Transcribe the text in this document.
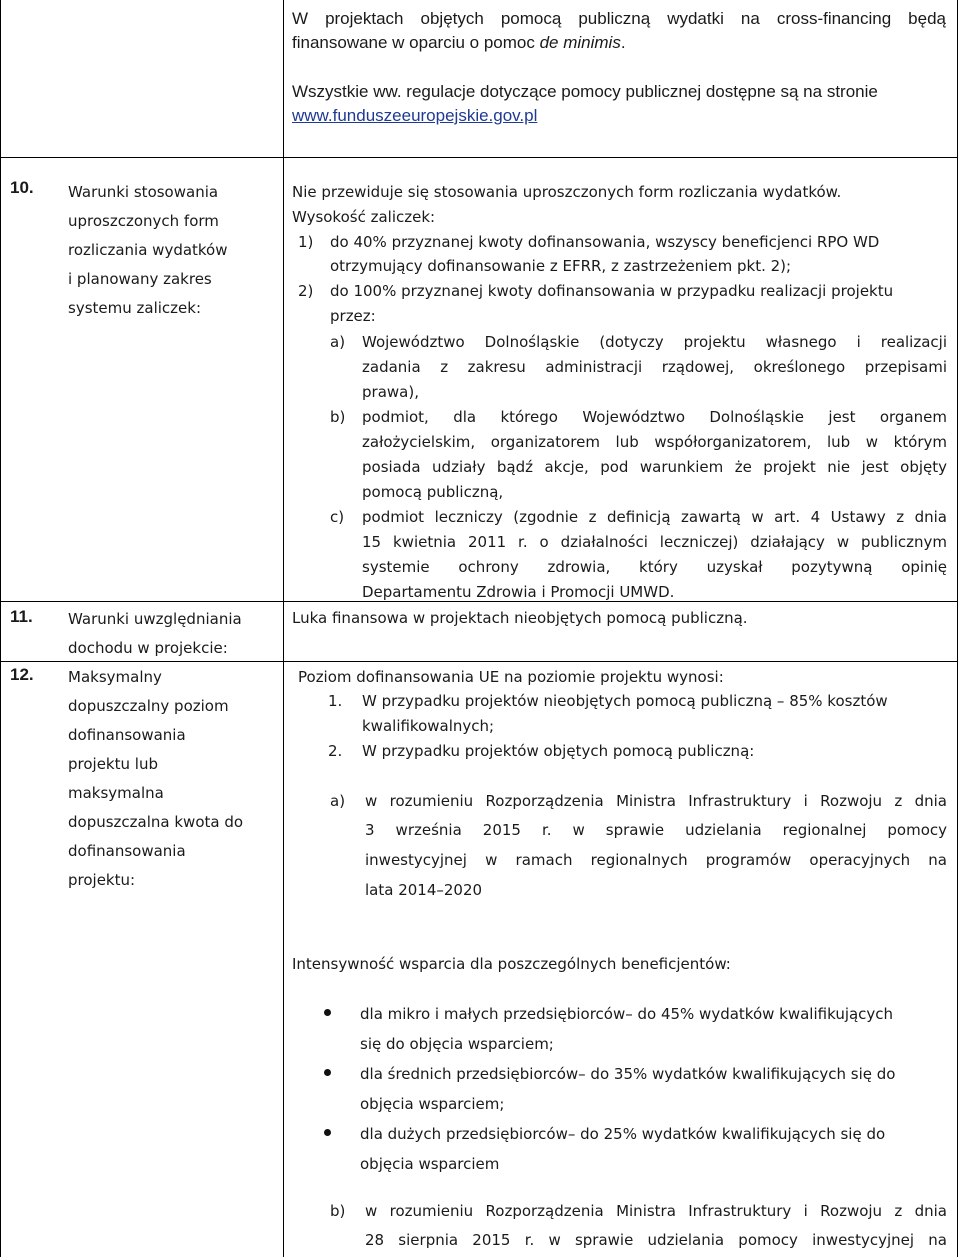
W projektach objętych pomocą publiczną wydatki na cross-financing będą
finansowane w oparciu o pomoc de minimis.
Wszystkie ww. regulacje dotyczące pomocy publicznej dostępne są na stronie
www.funduszeeuropejskie.gov.pl
10. Warunki stosowania
uproszczonych form
rozliczania wydatków
i planowany zakres
systemu zaliczek:
Nie przewiduje się stosowania uproszczonych form rozliczania wydatków.
Wysokość zaliczek:
1) do 40% przyznanej kwoty dofinansowania, wszyscy beneficjenci RPO WD
otrzymujący dofinansowanie z EFRR, z zastrzeżeniem pkt. 2);
2) do 100% przyznanej kwoty dofinansowania w przypadku realizacji projektu
przez:
a) Województwo Dolnośląskie (dotyczy projektu własnego i realizacji
zadania z zakresu administracji rządowej, określonego przepisami
prawa),
b) podmiot, dla którego Województwo Dolnośląskie jest organem
założycielskim, organizatorem lub współorganizatorem, lub w którym
posiada udziały bądź akcje, pod warunkiem że projekt nie jest objęty
pomocą publiczną,
c) podmiot leczniczy (zgodnie z definicją zawartą w art. 4 Ustawy z dnia
15 kwietnia 2011 r. o działalności leczniczej) działający w publicznym
systemie ochrony zdrowia, który uzyskał pozytywną opinię
Departamentu Zdrowia i Promocji UMWD.
11. Warunki uwzględniania
dochodu w projekcie:
Luka finansowa w projektach nieobjętych pomocą publiczną.
12. Maksymalny
dopuszczalny poziom
dofinansowania
projektu lub
maksymalna
dopuszczalna kwota do
dofinansowania
projektu:
Poziom dofinansowania UE na poziomie projektu wynosi:
1. W przypadku projektów nieobjętych pomocą publiczną – 85% kosztów
kwalifikowalnych;
2. W przypadku projektów objętych pomocą publiczną:
a) w rozumieniu Rozporządzenia Ministra Infrastruktury i Rozwoju z dnia
3 września 2015 r. w sprawie udzielania regionalnej pomocy
inwestycyjnej w ramach regionalnych programów operacyjnych na
lata 2014–2020
Intensywność wsparcia dla poszczególnych beneficjentów:
dla mikro i małych przedsiębiorców– do 45% wydatków kwalifikujących
się do objęcia wsparciem;
dla średnich przedsiębiorców– do 35% wydatków kwalifikujących się do
objęcia wsparciem;
dla dużych przedsiębiorców– do 25% wydatków kwalifikujących się do
objęcia wsparciem
b) w rozumieniu Rozporządzenia Ministra Infrastruktury i Rozwoju z dnia
28 sierpnia 2015 r. w sprawie udzielania pomocy inwestycyjnej na
